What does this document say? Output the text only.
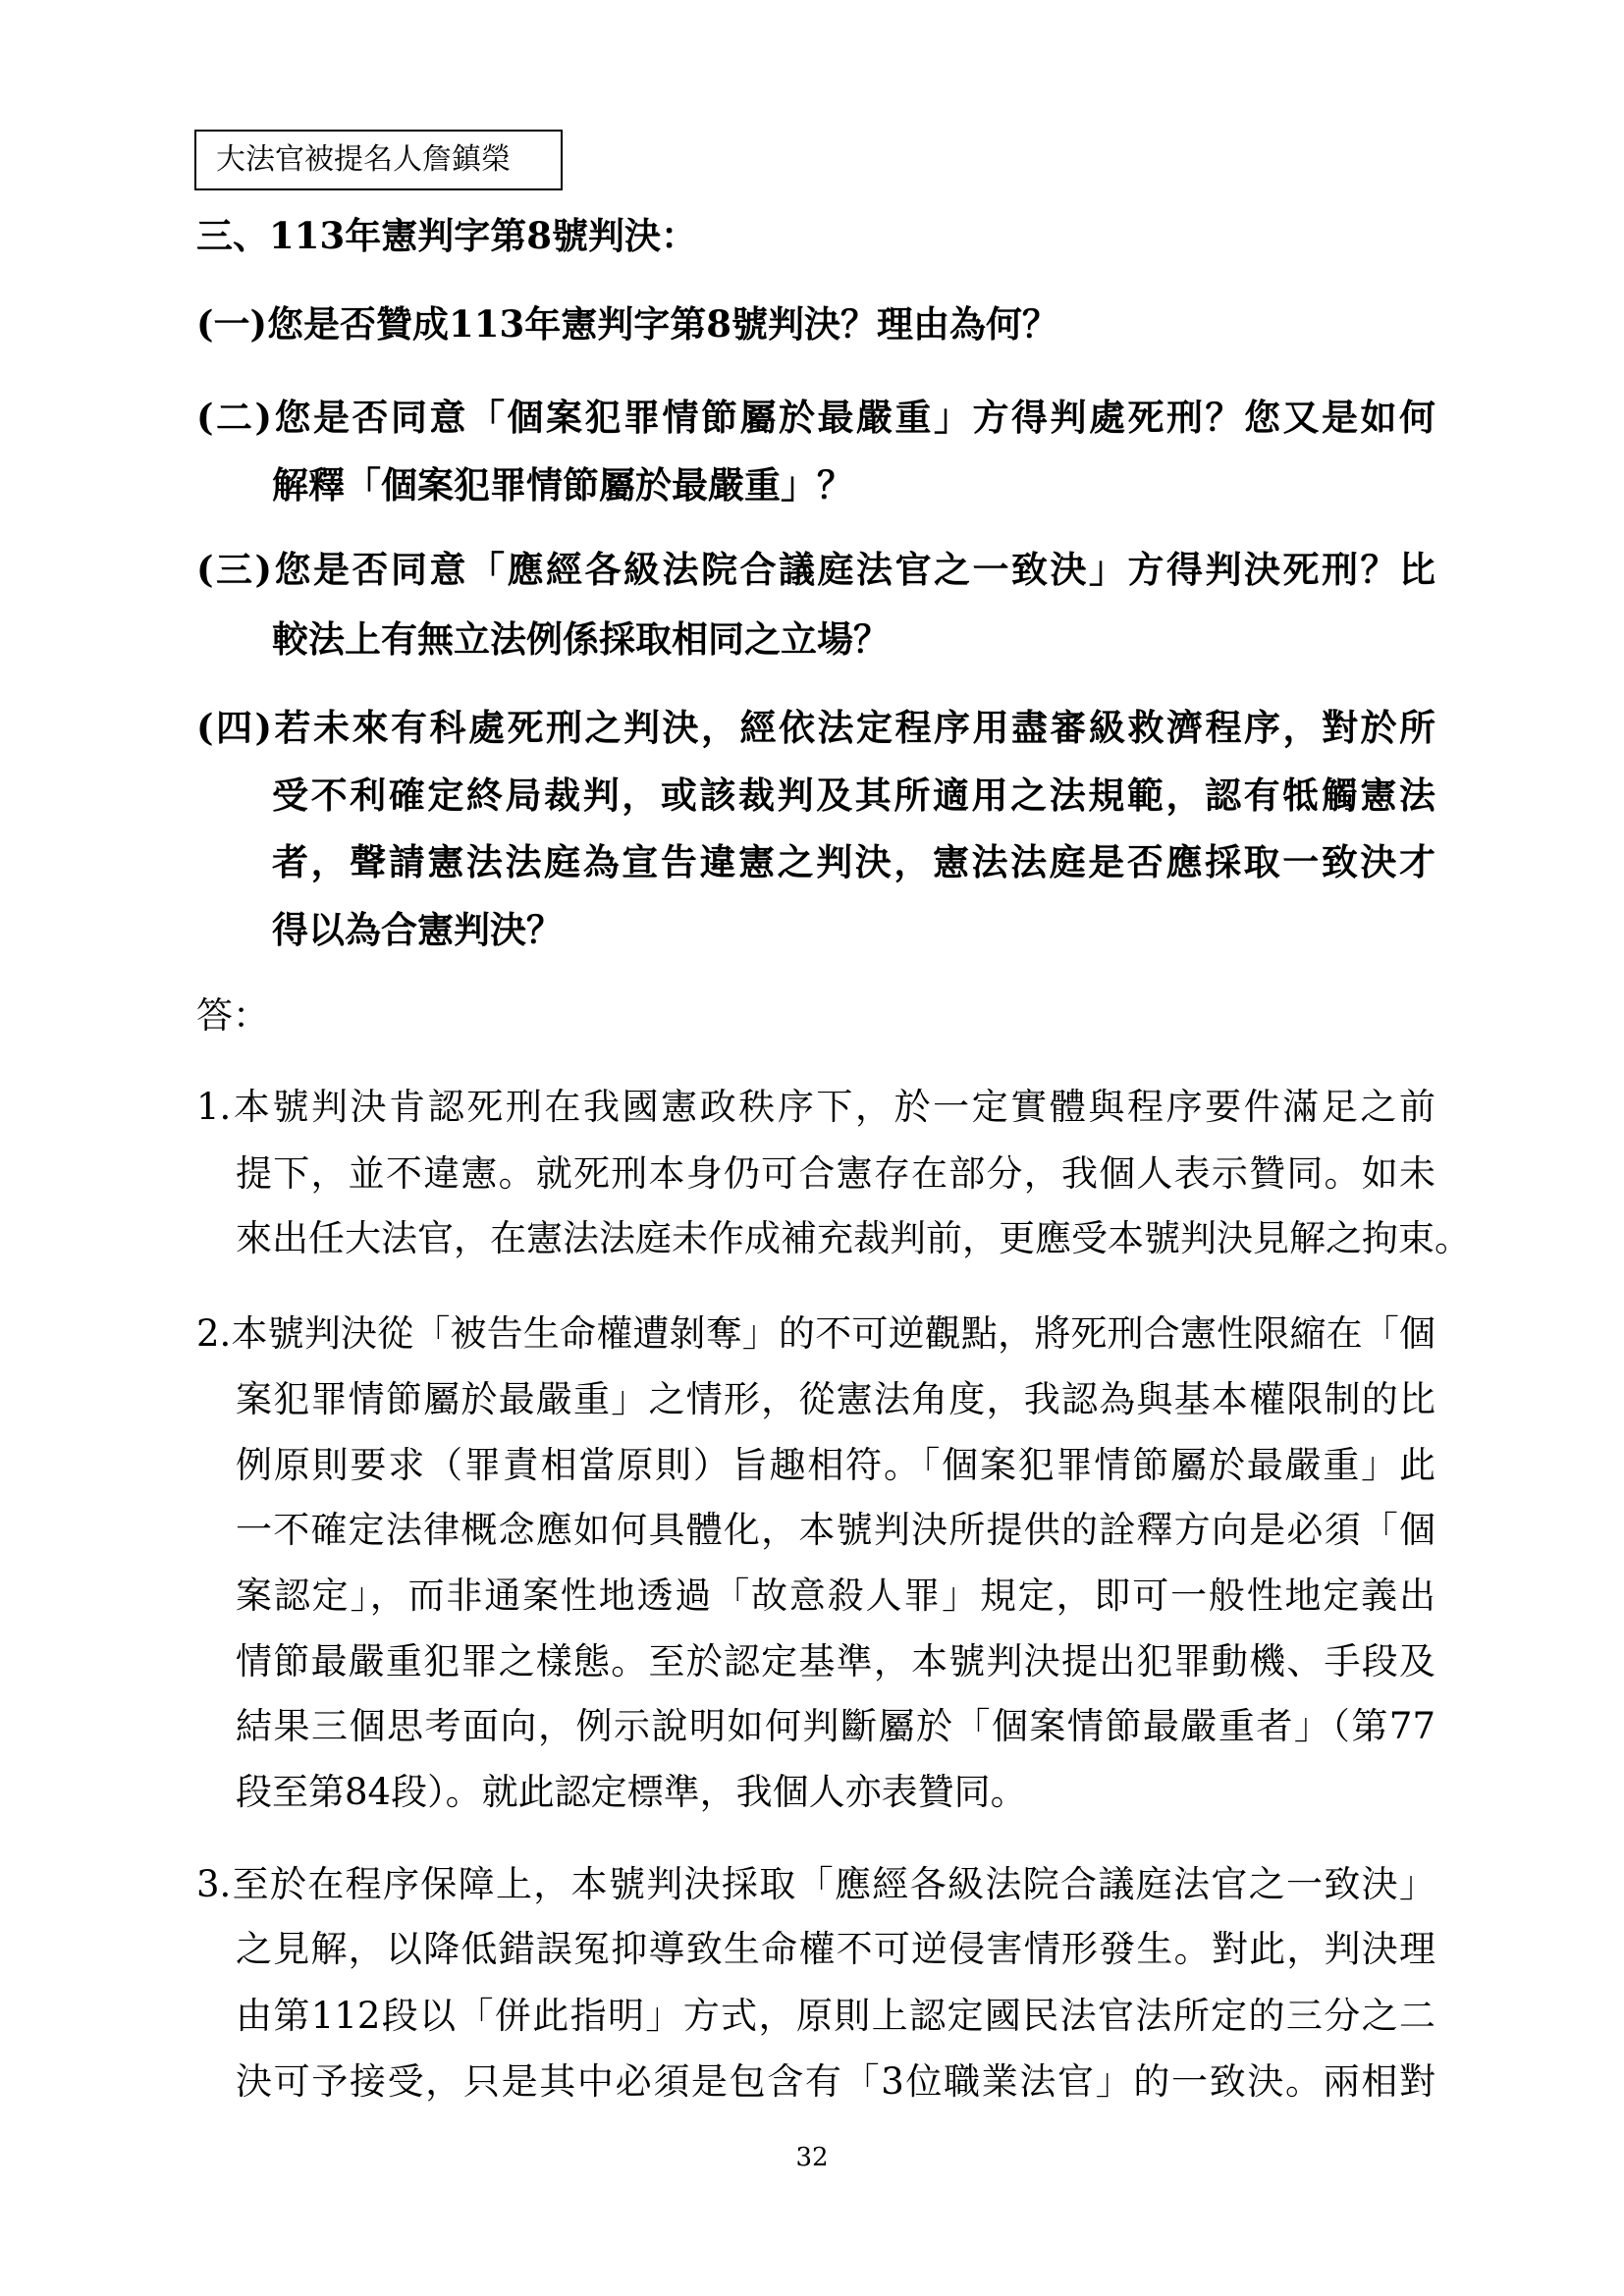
大法官被提名人詹鎮榮
三、113年憲判字第8號判決：
(一)您是否贊成113年憲判字第8號判決？理由為何？
(二)您是否同意「個案犯罪情節屬於最嚴重」方得判處死刑？您又是如何
解釋「個案犯罪情節屬於最嚴重」？
(三)您是否同意「應經各級法院合議庭法官之一致決」方得判決死刑？比
較法上有無立法例係採取相同之立場？
(四)若未來有科處死刑之判決，經依法定程序用盡審級救濟程序，對於所
受不利確定終局裁判，或該裁判及其所適用之法規範，認有牴觸憲法
者，聲請憲法法庭為宣告違憲之判決，憲法法庭是否應採取一致決才
得以為合憲判決？
答：
1.本號判決肯認死刑在我國憲政秩序下，於一定實體與程序要件滿足之前
提下，並不違憲。就死刑本身仍可合憲存在部分，我個人表示贊同。如未
來出任大法官，在憲法法庭未作成補充裁判前，更應受本號判決見解之拘束。
2.本號判決從「被告生命權遭剝奪」的不可逆觀點，將死刑合憲性限縮在「個
案犯罪情節屬於最嚴重」之情形，從憲法角度，我認為與基本權限制的比
例原則要求（罪責相當原則）旨趣相符。「個案犯罪情節屬於最嚴重」此
一不確定法律概念應如何具體化，本號判決所提供的詮釋方向是必須「個
案認定」，而非通案性地透過「故意殺人罪」規定，即可一般性地定義出
情節最嚴重犯罪之樣態。至於認定基準，本號判決提出犯罪動機、手段及
結果三個思考面向，例示說明如何判斷屬於「個案情節最嚴重者」（第77
段至第84段）。就此認定標準，我個人亦表贊同。
3.至於在程序保障上，本號判決採取「應經各級法院合議庭法官之一致決」
之見解，以降低錯誤冤抑導致生命權不可逆侵害情形發生。對此，判決理
由第112段以「併此指明」方式，原則上認定國民法官法所定的三分之二
決可予接受，只是其中必須是包含有「3位職業法官」的一致決。兩相對
32
